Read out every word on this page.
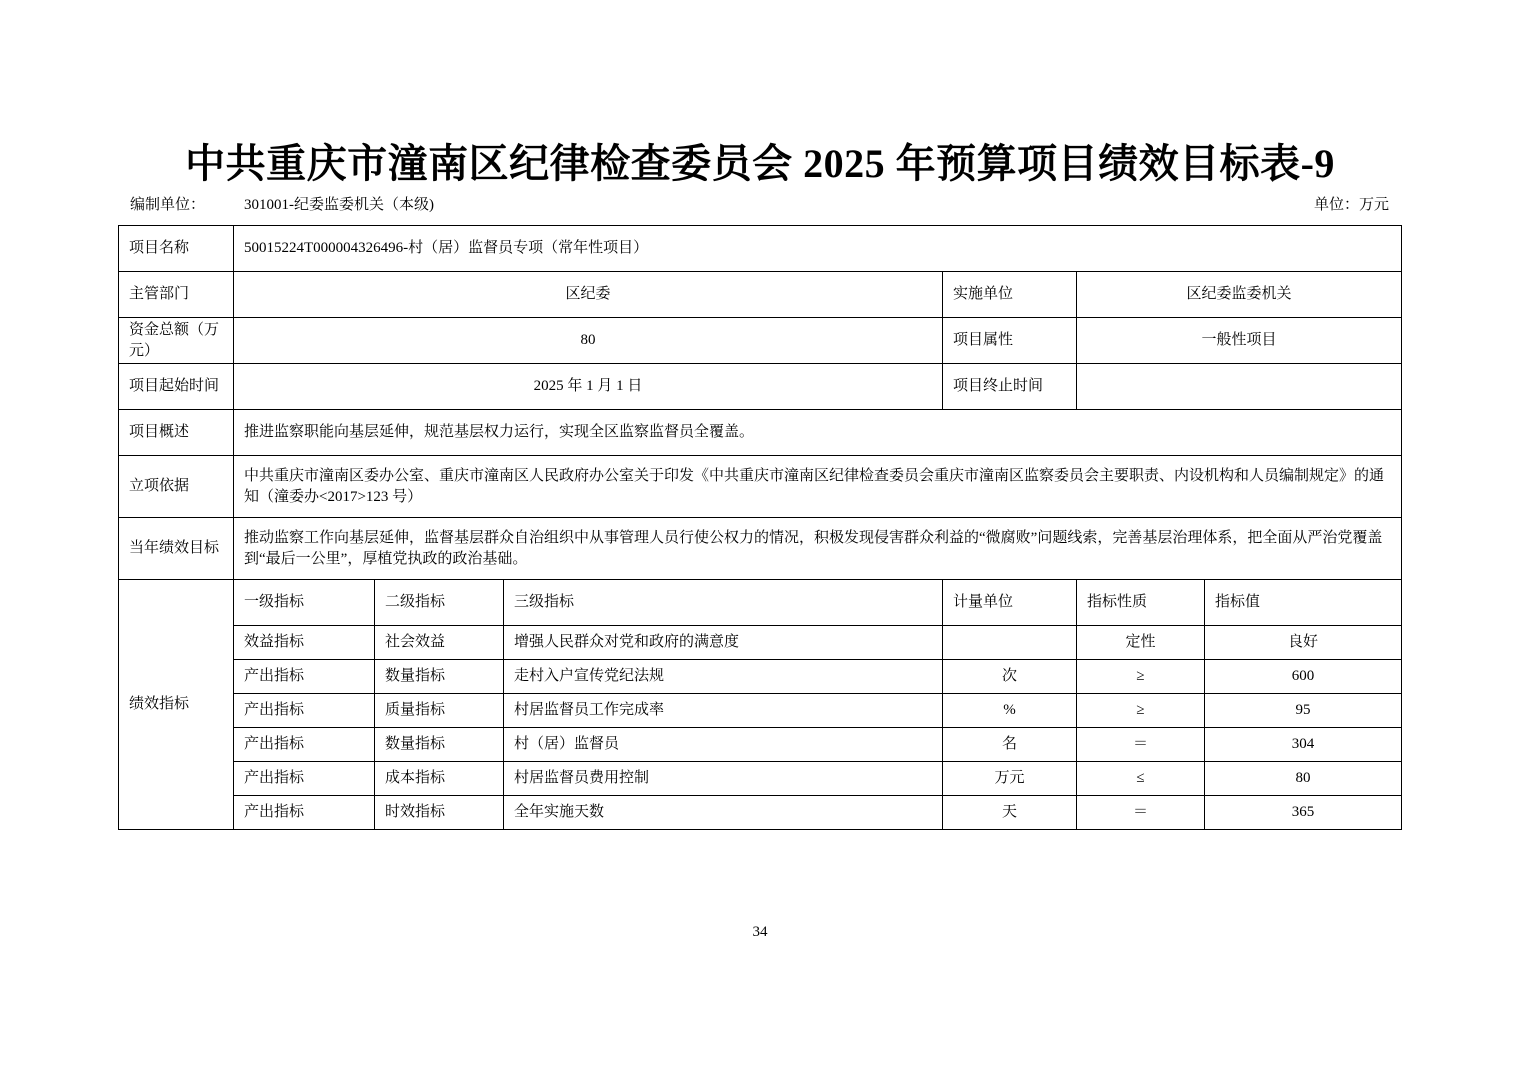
中共重庆市潼南区纪律检查委员会 2025 年预算项目绩效目标表-9
编制单位：	301001-纪委监委机关（本级)	单位：万元
项目名称	50015224T000004326496-村（居）监督员专项（常年性项目）					
主管部门	区纪委			实施单位	区纪委监委机关	
资金总额（万元）	80			项目属性	一般性项目	
项目起始时间	2025 年 1 月 1 日			项目终止时间		
项目概述	推进监察职能向基层延伸，规范基层权力运行，实现全区监察监督员全覆盖。					
立项依据	中共重庆市潼南区委办公室、重庆市潼南区人民政府办公室关于印发《中共重庆市潼南区纪律检查委员会重庆市潼南区监察委员会主要职责、内设机构和人员编制规定》的通知（潼委办<2017>123 号）					
当年绩效目标	推动监察工作向基层延伸，监督基层群众自治组织中从事管理人员行使公权力的情况，积极发现侵害群众利益的“微腐败”问题线索，完善基层治理体系，把全面从严治党覆盖到“最后一公里”，厚植党执政的政治基础。					
绩效指标	一级指标	二级指标	三级指标	计量单位	指标性质	指标值
	效益指标	社会效益	增强人民群众对党和政府的满意度		定性	良好
	产出指标	数量指标	走村入户宣传党纪法规	次	≥	600
	产出指标	质量指标	村居监督员工作完成率	%	≥	95
	产出指标	数量指标	村（居）监督员	名	＝	304
	产出指标	成本指标	村居监督员费用控制	万元	≤	80
	产出指标	时效指标	全年实施天数	天	＝	365
34
